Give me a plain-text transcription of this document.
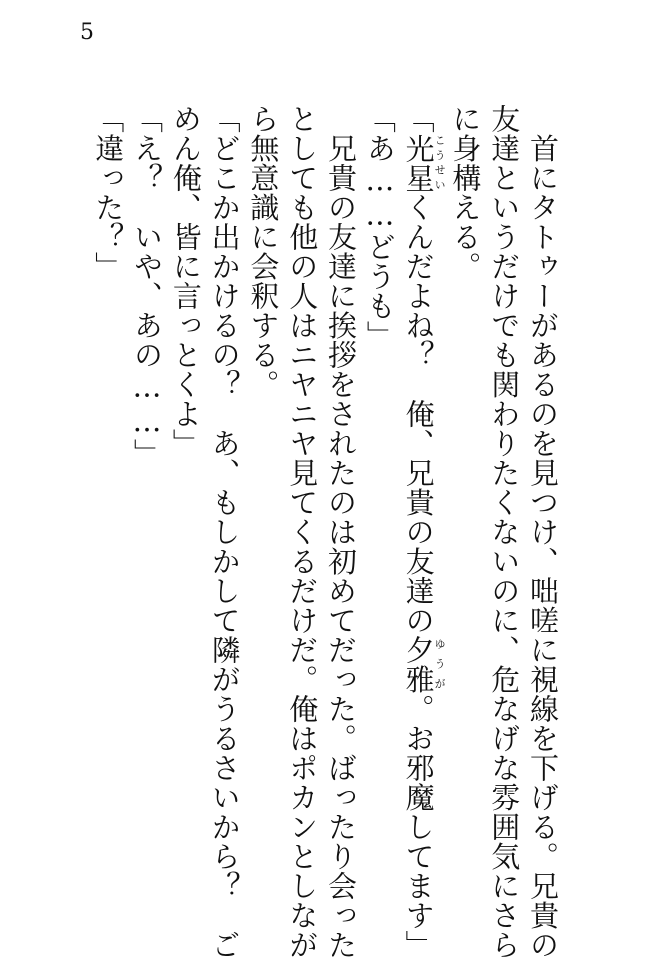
5
　首にタトゥーがあるのを見つけ、咄嗟に視線を下げる。兄貴の
友達というだけでも関わりたくないのに、危なげな雰囲気にさら
に身構える。
「光星こうせいくんだよね？　俺、兄貴の友達の夕雅ゆうが。お邪魔してます」
「あ……どうも」
　兄貴の友達に挨拶をされたのは初めてだった。ばったり会った
としても他の人はニヤニヤ見てくるだけだ。俺はポカンとしなが
ら無意識に会釈する。
「どこか出かけるの？　あ、もしかして隣がうるさいから？　ご
めん俺、皆に言っとくよ」
「え？　いや、あの……」
「違った？」
